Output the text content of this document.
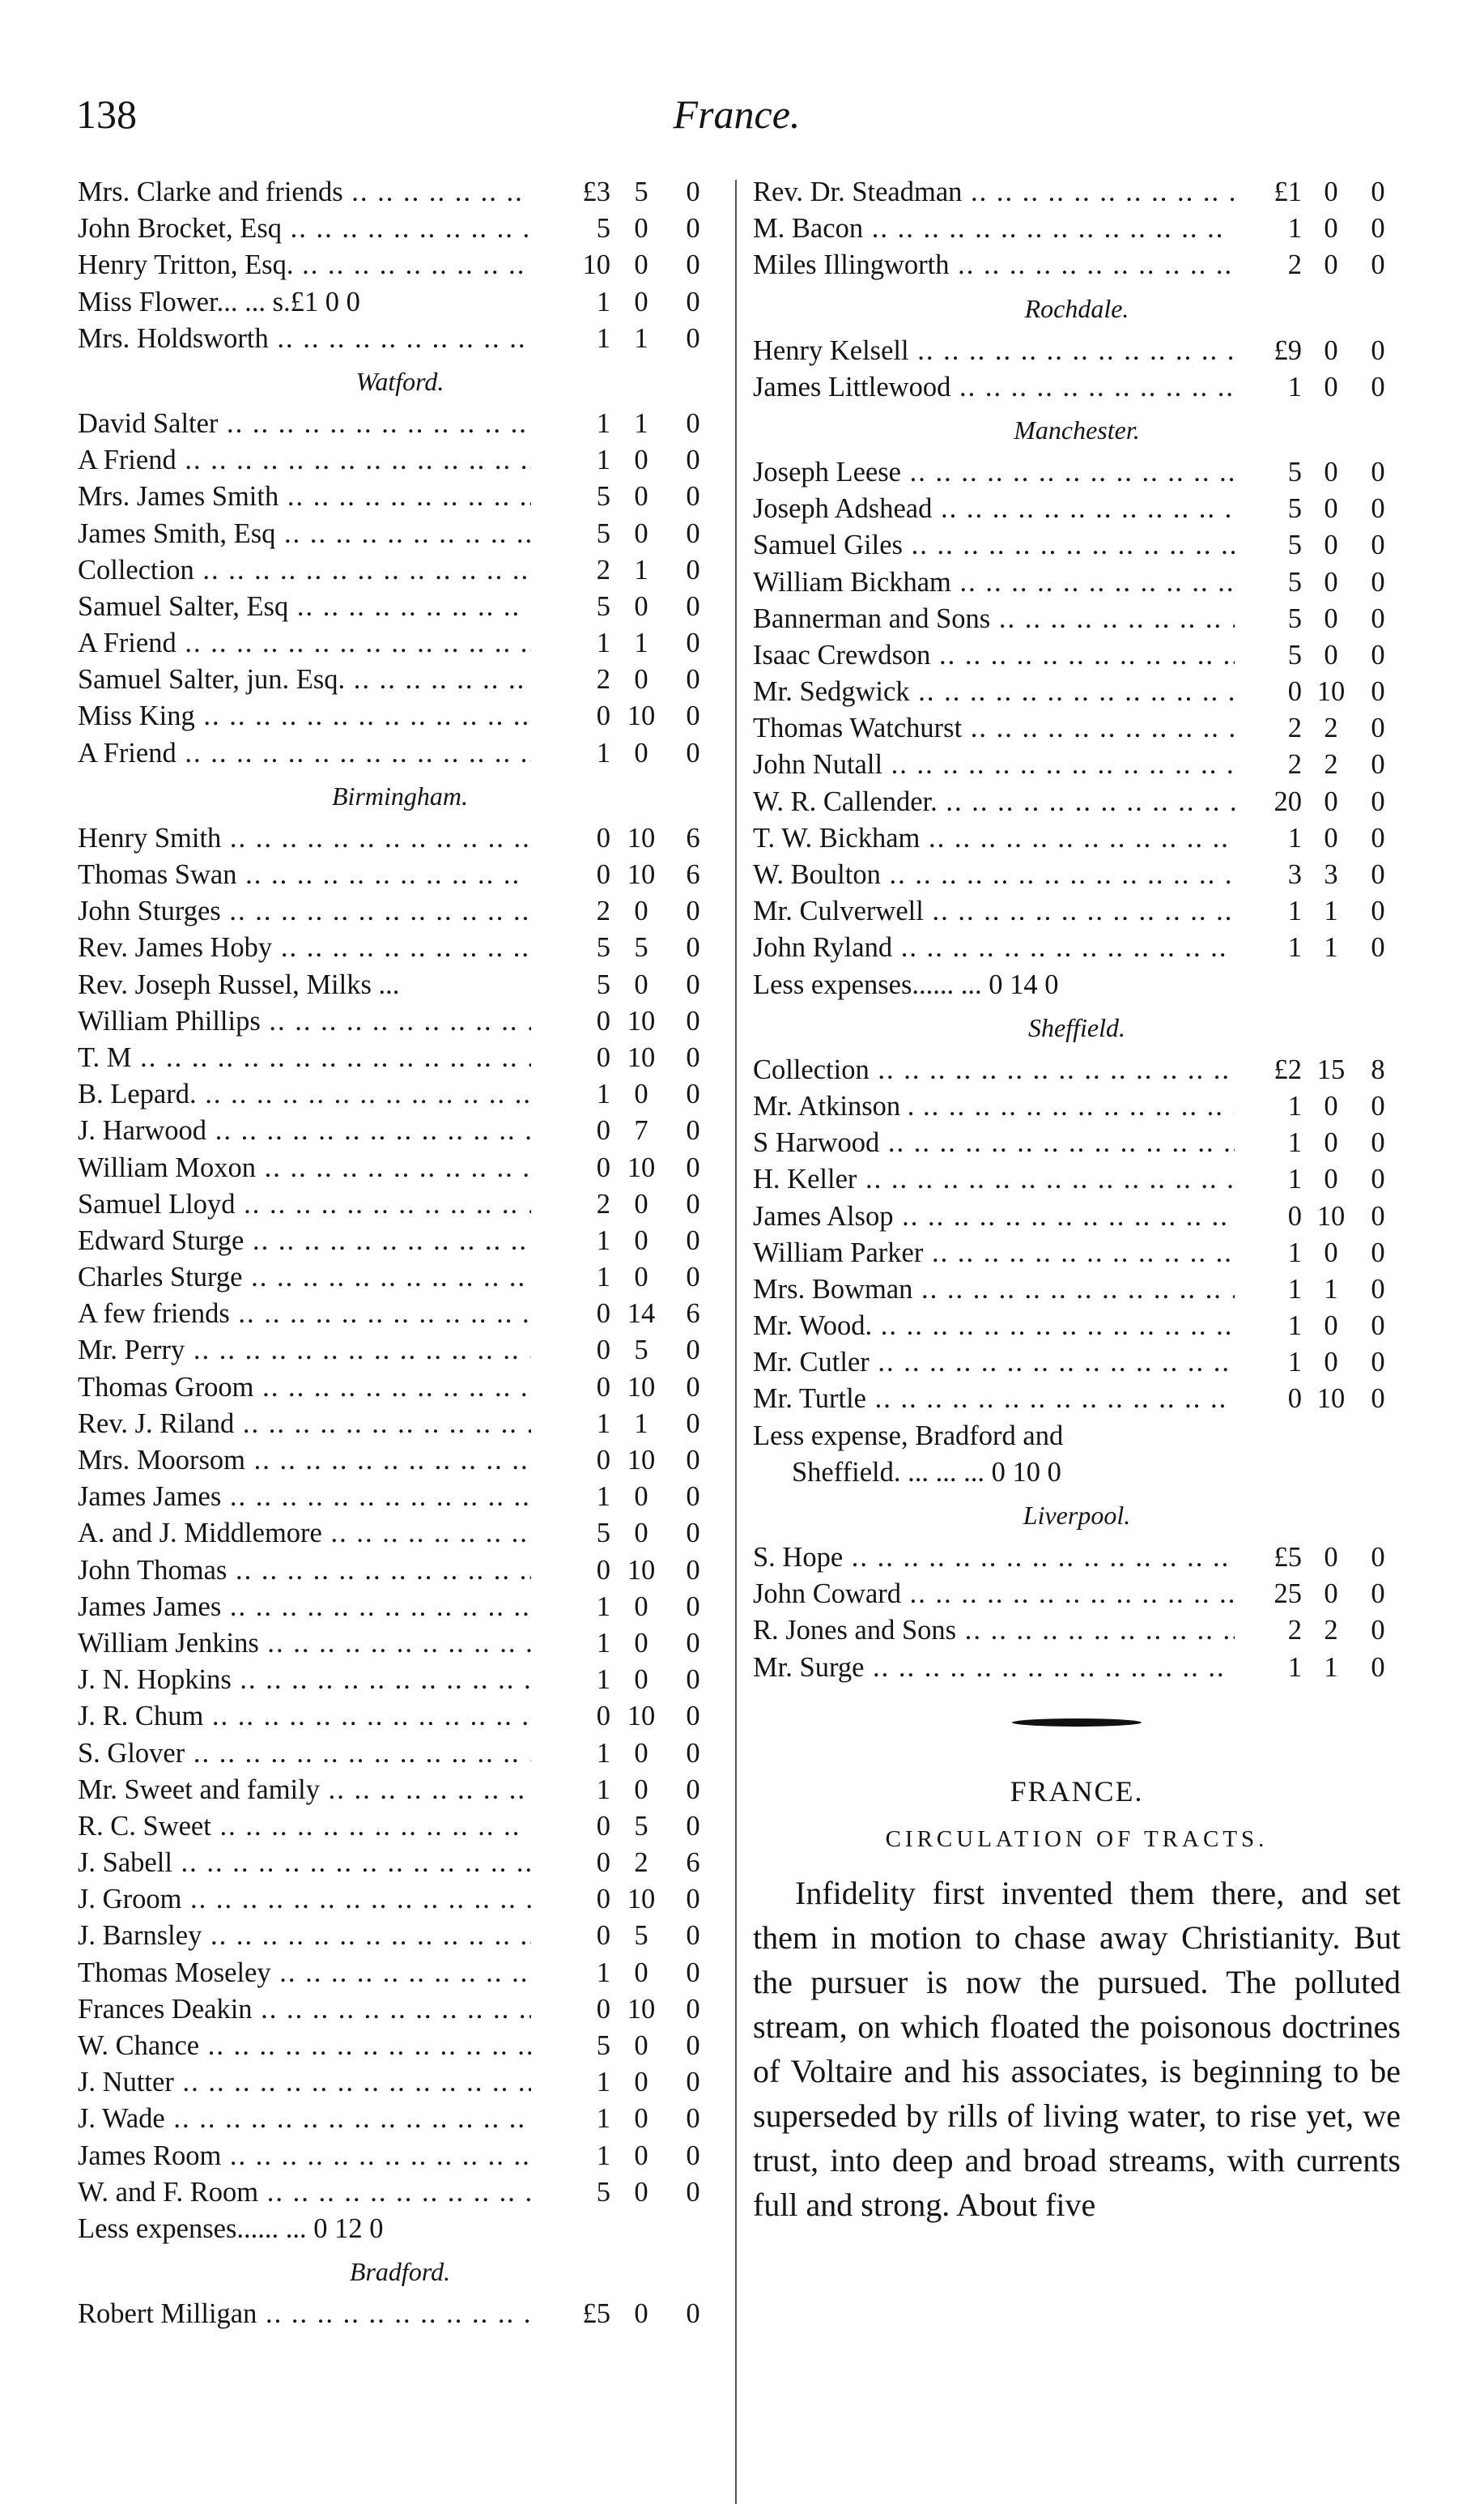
138	France.
Mrs. Clarke and friends .. ..	£3 5	0
John Brocket, Esq .. ..	5 0	0
Henry Tritton, Esq. .. ..	10 0	0
Miss Flower... ... s.£1 0 0	1 0	0
Mrs. Holdsworth .. ..	1 1	0
Watford.
David Salter .. ..	1 1	0
A Friend .. ..	1 0	0
Mrs. James Smith .. ..	5 0	0
James Smith, Esq .. ..	5 0	0
Collection .. ..	2 1	0
Samuel Salter, Esq .. ..	5 0	0
A Friend .. ..	1 1	0
Samuel Salter, jun. Esq. .. ..	2 0	0
Miss King .. ..	0 10	0
A Friend .. ..	1 0	0
Birmingham.
Henry Smith .. ..	0 10	6
Thomas Swan .. ..	0 10	6
John Sturges .. ..	2 0	0
Rev. James Hoby .. ..	5 5	0
Rev. Joseph Russel, Milks ...	5 0	0
William Phillips .. ..	0 10	0
T. M .. ..	0 10	0
B. Lepard. .. ..	1 0	0
J. Harwood .. ..	0 7	0
William Moxon .. ..	0 10	0
Samuel Lloyd .. ..	2 0	0
Edward Sturge .. ..	1 0	0
Charles Sturge .. ..	1 0	0
A few friends .. ..	0 14	6
Mr. Perry .. ..	0 5	0
Thomas Groom .. ..	0 10	0
Rev. J. Riland .. ..	1 1	0
Mrs. Moorsom .. ..	0 10	0
James James .. ..	1 0	0
A. and J. Middlemore .. ..	5 0	0
John Thomas .. ..	0 10	0
James James .. ..	1 0	0
William Jenkins .. ..	1 0	0
J. N. Hopkins .. ..	1 0	0
J. R. Chum .. ..	0 10	0
S. Glover .. ..	1 0	0
Mr. Sweet and family .. ..	1 0	0
R. C. Sweet .. ..	0 5	0
J. Sabell .. ..	0 2	6
J. Groom .. ..	0 10	0
J. Barnsley .. ..	0 5	0
Thomas Moseley .. ..	1 0	0
Frances Deakin .. ..	0 10	0
W. Chance .. ..	5 0	0
J. Nutter .. ..	1 0	0
J. Wade .. ..	1 0	0
James Room .. ..	1 0	0
W. and F. Room .. ..	5 0	0
Less expenses...... ... 0 12 0
Bradford.
Robert Milligan .. ..	£5 0	0
Rev. Dr. Steadman .. ..	£1 0	0
M. Bacon .. ..	1 0	0
Miles Illingworth .. ..	2 0	0
Rochdale.
Henry Kelsell .. ..	£9 0	0
James Littlewood .. ..	1 0	0
Manchester.
Joseph Leese .. ..	5 0	0
Joseph Adshead .. ..	5 0	0
Samuel Giles .. ..	5 0	0
William Bickham .. ..	5 0	0
Bannerman and Sons .. ..	5 0	0
Isaac Crewdson .. ..	5 0	0
Mr. Sedgwick .. ..	0 10 0
Thomas Watchurst .. ..	2 2	0
John Nutall .. ..	2 2	0
W. R. Callender. .. ..	20 0	0
T. W. Bickham .. ..	1 0	0
W. Boulton .. ..	3 3	0
Mr. Culverwell .. ..	1 1	0
John Ryland .. ..	1 1	0
Less expenses...... ... 0 14 0
Sheffield.
Collection .. ..	£2 15 8
Mr. Atkinson . .. ..	1 0	0
S Harwood .. ..	1 0	0
H. Keller .. ..	1 0	0
James Alsop .. ..	0 10 0
William Parker .. ..	1 0	0
Mrs. Bowman .. ..	1 1	0
Mr. Wood. .. ..	1 0	0
Mr. Cutler .. ..	1 0	0
Mr. Turtle .. ..	0 10 0
Less expense, Bradford and
Sheffield. ... ... ... 0 10 0
Liverpool.
S. Hope .. ..	£5 0	0
John Coward .. ..	25 0	0
R. Jones and Sons .. ..	2 2	0
Mr. Surge .. ..	1 1	0
FRANCE.
CIRCULATION OF TRACTS.
Infidelity first invented them there, and set them in motion to chase away Christianity. But the pursuer is now the pursued. The polluted stream, on which floated the poisonous doctrines of Voltaire and his associates, is beginning to be superseded by rills of living water, to rise yet, we trust, into deep and broad streams, with currents full and strong. About five
